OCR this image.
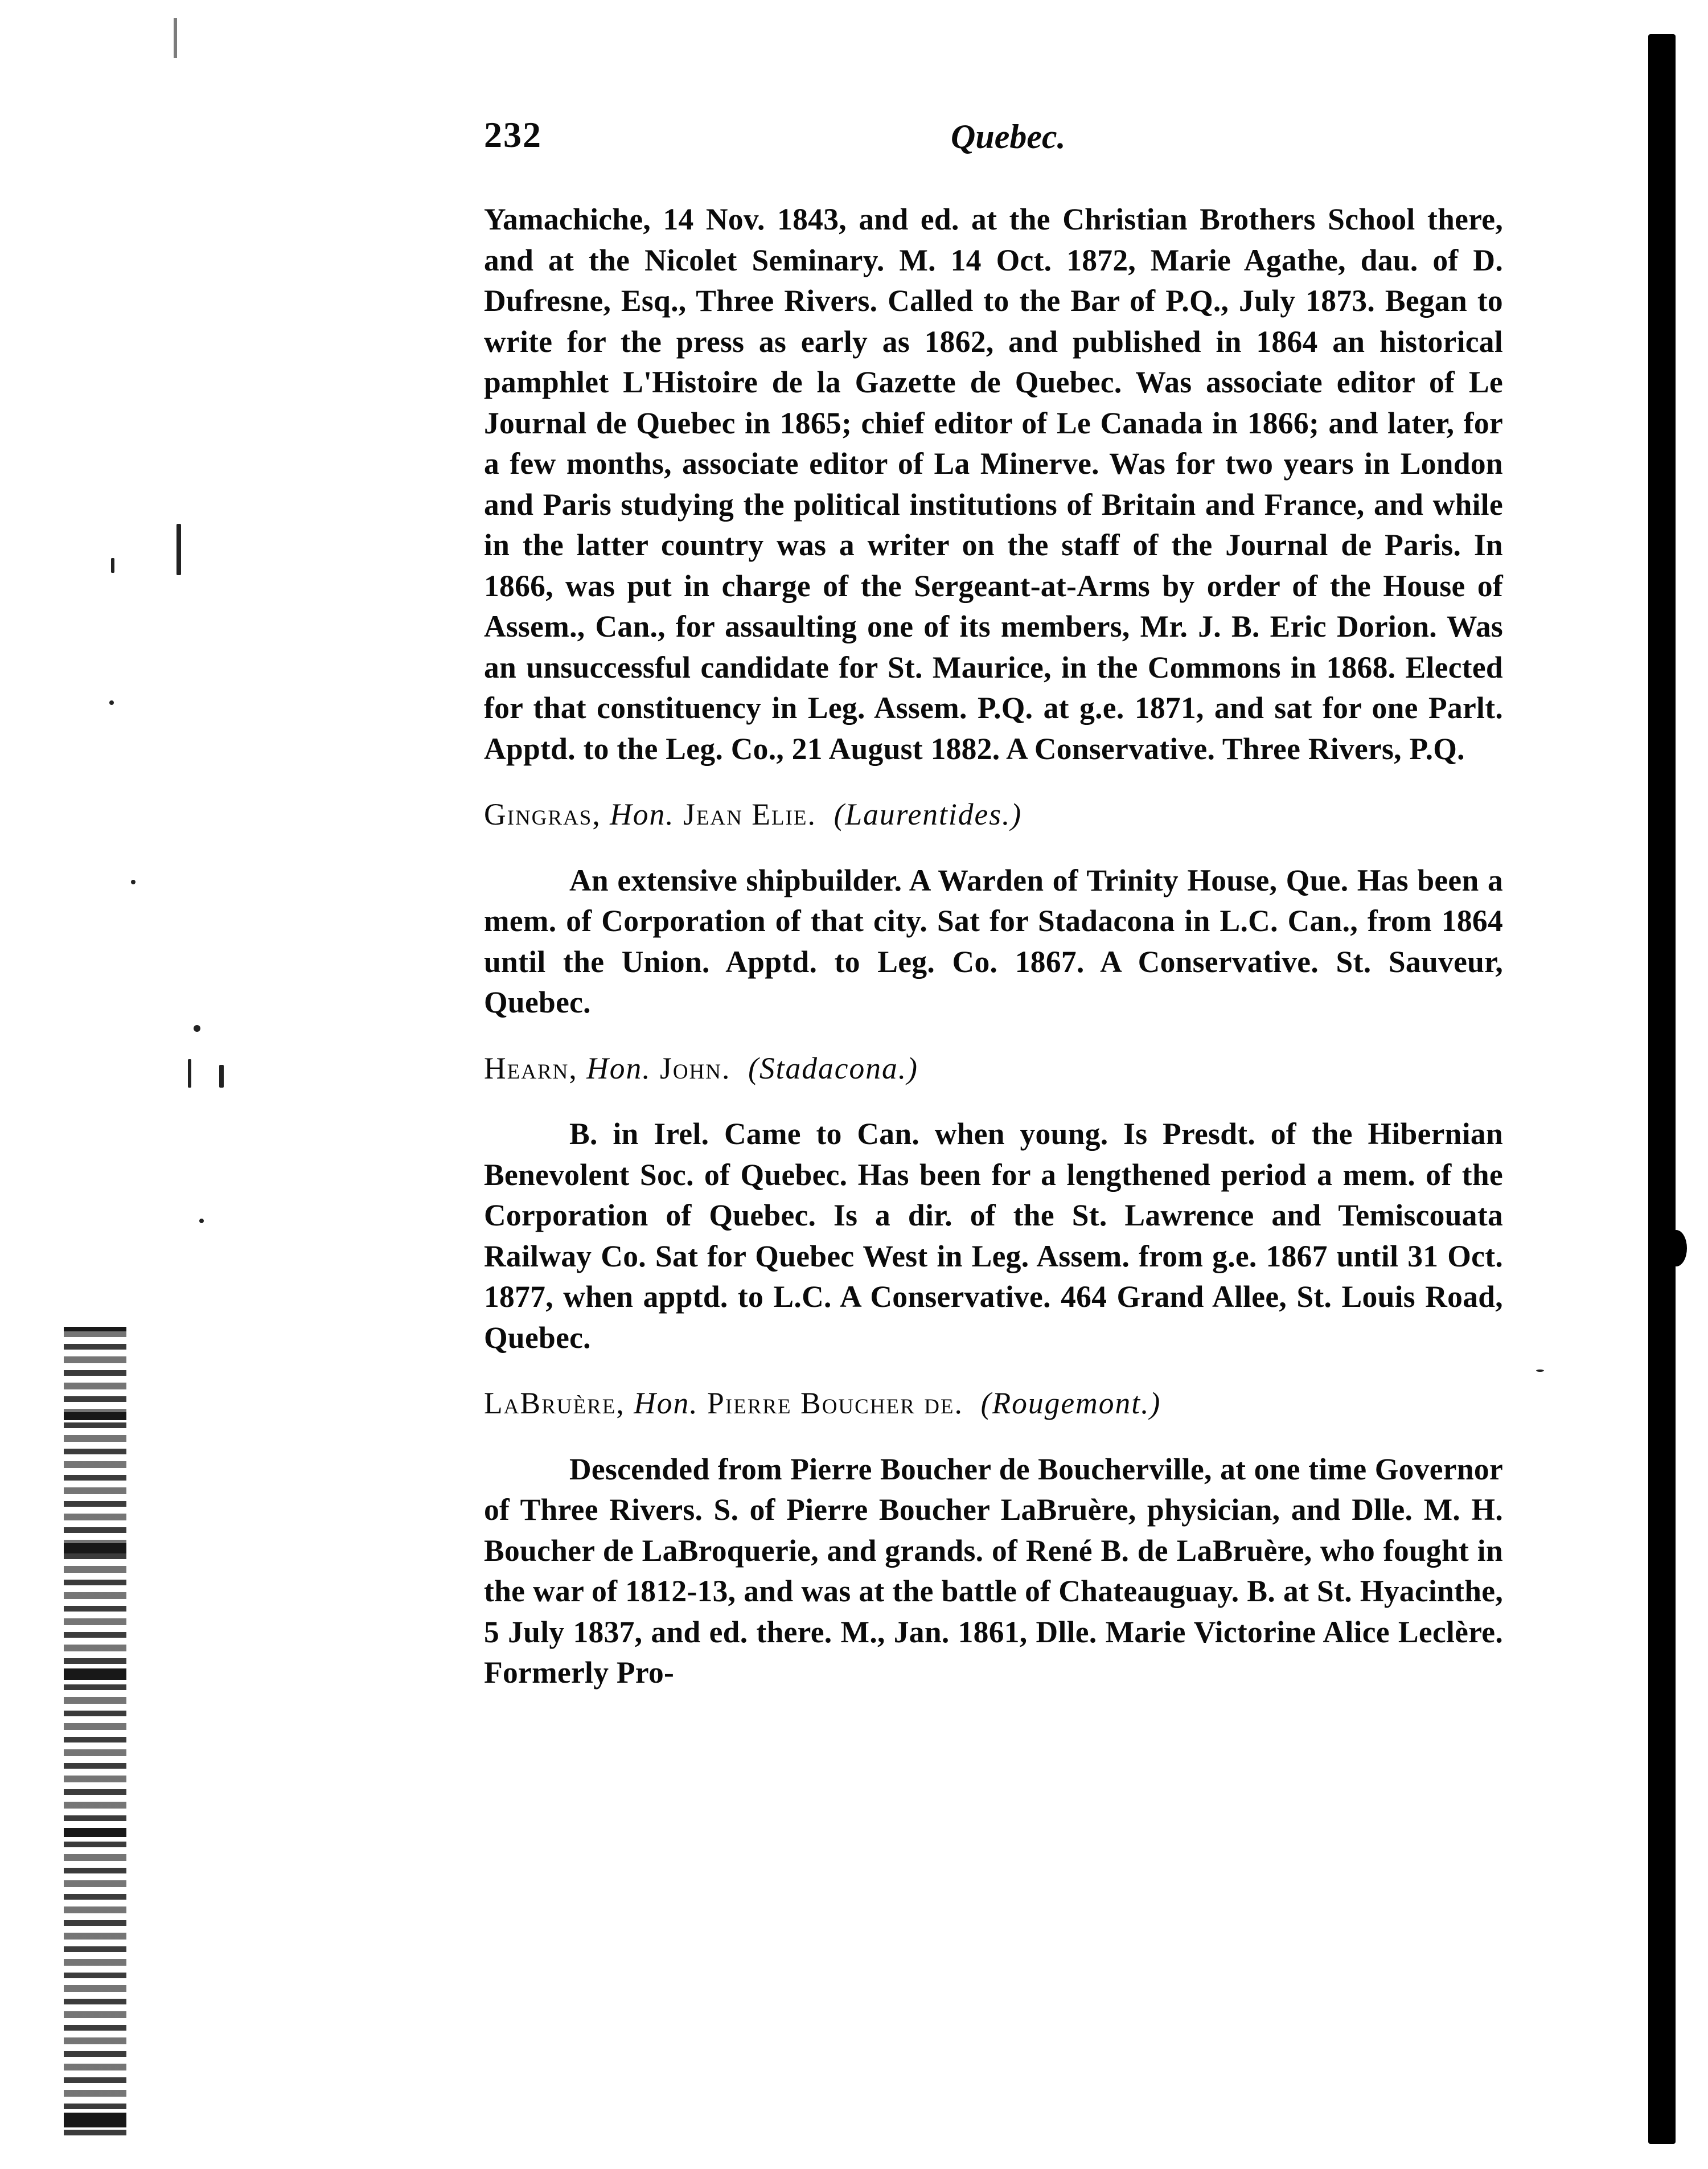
232	Quebec.

Yamachiche, 14 Nov. 1843, and ed. at the Christian Brothers School there, and at the Nicolet Seminary. M. 14 Oct. 1872, Marie Agathe, dau. of D. Dufresne, Esq., Three Rivers. Called to the Bar of P.Q., July 1873. Began to write for the press as early as 1862, and published in 1864 an historical pamphlet L'Histoire de la Gazette de Quebec. Was associate editor of Le Journal de Quebec in 1865; chief editor of Le Canada in 1866; and later, for a few months, associate editor of La Minerve. Was for two years in London and Paris studying the political institutions of Britain and France, and while in the latter country was a writer on the staff of the Journal de Paris. In 1866, was put in charge of the Sergeant-at-Arms by order of the House of Assem., Can., for assaulting one of its members, Mr. J. B. Eric Dorion. Was an unsuccessful candidate for St. Maurice, in the Commons in 1868. Elected for that constituency in Leg. Assem. P.Q. at g.e. 1871, and sat for one Parlt. Apptd. to the Leg. Co., 21 August 1882. A Conservative. Three Rivers, P.Q.

Gingras, Hon. Jean Elie. (Laurentides.)

An extensive shipbuilder. A Warden of Trinity House, Que. Has been a mem. of Corporation of that city. Sat for Stadacona in L.C. Can., from 1864 until the Union. Apptd. to Leg. Co. 1867. A Conservative. St. Sauveur, Quebec.

Hearn, Hon. John. (Stadacona.)

B. in Irel. Came to Can. when young. Is Presdt. of the Hibernian Benevolent Soc. of Quebec. Has been for a lengthened period a mem. of the Corporation of Quebec. Is a dir. of the St. Lawrence and Temiscouata Railway Co. Sat for Quebec West in Leg. Assem. from g.e. 1867 until 31 Oct. 1877, when apptd. to L.C. A Conservative. 464 Grand Allee, St. Louis Road, Quebec.

LaBruère, Hon. Pierre Boucher de. (Rougemont.)

Descended from Pierre Boucher de Boucherville, at one time Governor of Three Rivers. S. of Pierre Boucher LaBruère, physician, and Dlle. M. H. Boucher de LaBroquerie, and grands. of René B. de LaBruère, who fought in the war of 1812-13, and was at the battle of Chateauguay. B. at St. Hyacinthe, 5 July 1837, and ed. there. M., Jan. 1861, Dlle. Marie Victorine Alice Leclère. Formerly Pro-
